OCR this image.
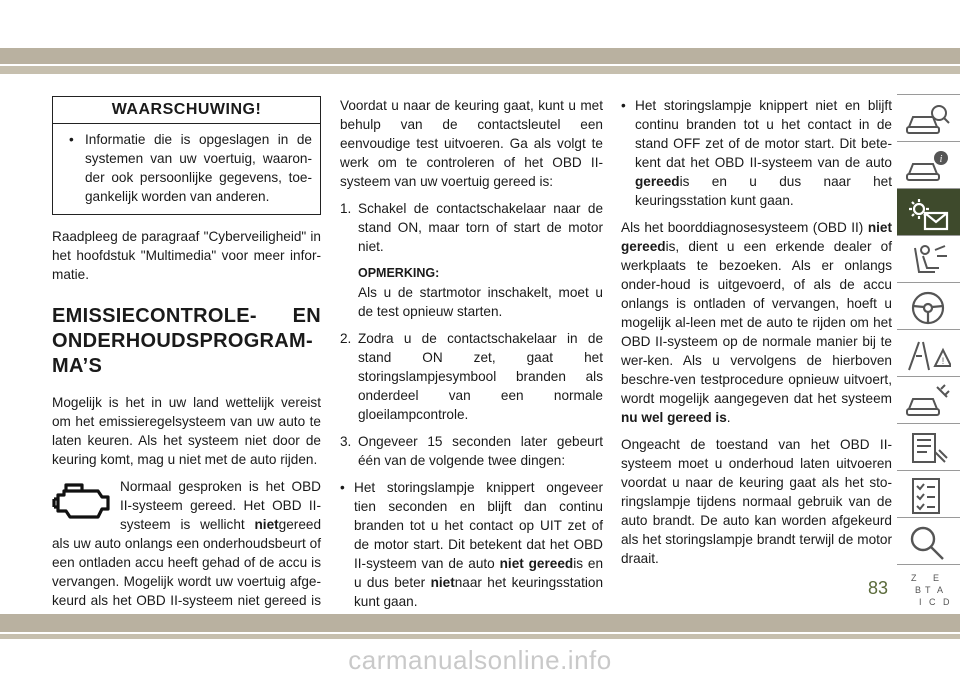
WAARSCHUWING!
• Informatie die is opgeslagen in de systemen van uw voertuig, waaron-der ook persoonlijke gegevens, toe-gankelijk worden van anderen.

Raadpleeg de paragraaf "Cyberveiligheid" in het hoofdstuk "Multimedia" voor meer infor-matie.

EMISSIECONTROLE- EN ONDERHOUDSPROGRAM-MA’S

Mogelijk is het in uw land wettelijk vereist om het emissieregelsysteem van uw auto te laten keuren. Als het systeem niet door de keuring komt, mag u niet met de auto rijden.

Normaal gesproken is het OBD II-systeem gereed. Het OBD II-systeem is wellicht nietgereed als uw auto onlangs een onderhoudsbeurt of een ontladen accu heeft gehad of de accu is vervangen. Mogelijk wordt uw voertuig afge-keurd als het OBD II-systeem niet gereed is

Voordat u naar de keuring gaat, kunt u met behulp van de contactsleutel een eenvoudige test uitvoeren. Ga als volgt te werk om te controleren of het OBD II-systeem van uw voertuig gereed is:

1. Schakel de contactschakelaar naar de stand ON, maar torn of start de motor niet.
OPMERKING:
Als u de startmotor inschakelt, moet u de test opnieuw starten.
2. Zodra u de contactschakelaar in de stand ON zet, gaat het storingslampjesymbool branden als onderdeel van een normale gloeilampcontrole.
3. Ongeveer 15 seconden later gebeurt één van de volgende twee dingen:
• Het storingslampje knippert ongeveer tien seconden en blijft dan continu branden tot u het contact op UIT zet of de motor start. Dit betekent dat het OBD II-systeem van de auto niet gereedis en u dus beter nietnaar het keuringsstation kunt gaan.
• Het storingslampje knippert niet en blijft continu branden tot u het contact in de stand OFF zet of de motor start. Dit bete-kent dat het OBD II-systeem van de auto gereedis en u dus naar het keuringsstation kunt gaan.

Als het boorddiagnosesysteem (OBD II) niet gereedis, dient u een erkende dealer of werkplaats te bezoeken. Als er onlangs onder-houd is uitgevoerd, of als de accu onlangs is ontladen of vervangen, hoeft u mogelijk al-leen met de auto te rijden om het OBD II-systeem op de normale manier bij te wer-ken. Als u vervolgens de hierboven beschre-ven testprocedure opnieuw uitvoert, wordt mogelijk aangegeven dat het systeem nu wel gereed is.

Ongeacht de toestand van het OBD II-systeem moet u onderhoud laten uitvoeren voordat u naar de keuring gaat als het sto-ringslampje tijdens normaal gebruik van de auto brandt. De auto kan worden afgekeurd als het storingslampje brandt terwijl de motor draait.

i
!
Z E
B A
I C
T
D
83
carmanualsonline.info
